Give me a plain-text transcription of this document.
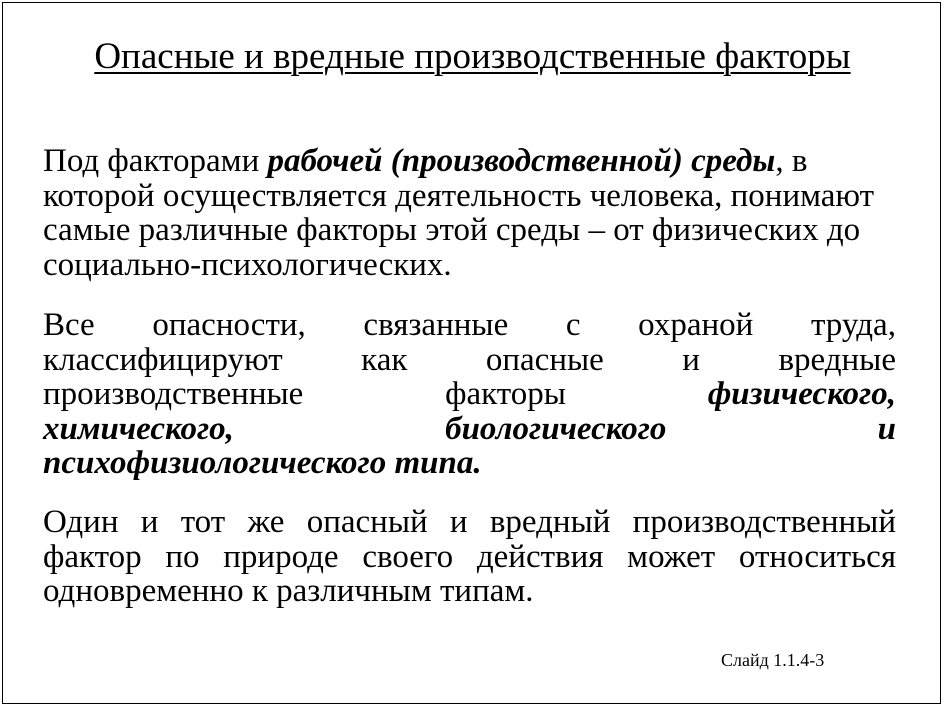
Опасные и вредные производственные факторы

Под факторами рабочей (производственной) среды, в которой осуществляется деятельность человека, понимают самые различные факторы этой среды – от физических до социально-психологических.

Все опасности, связанные с охраной труда,
классифицируют как опасные и вредные
производственные	факторы	физического,
химического,	биологического	и
психофизиологического типа.

Один и тот же опасный и вредный производственный фактор по природе своего действия может относиться одновременно к различным типам.

Слайд 1.1.4-3
